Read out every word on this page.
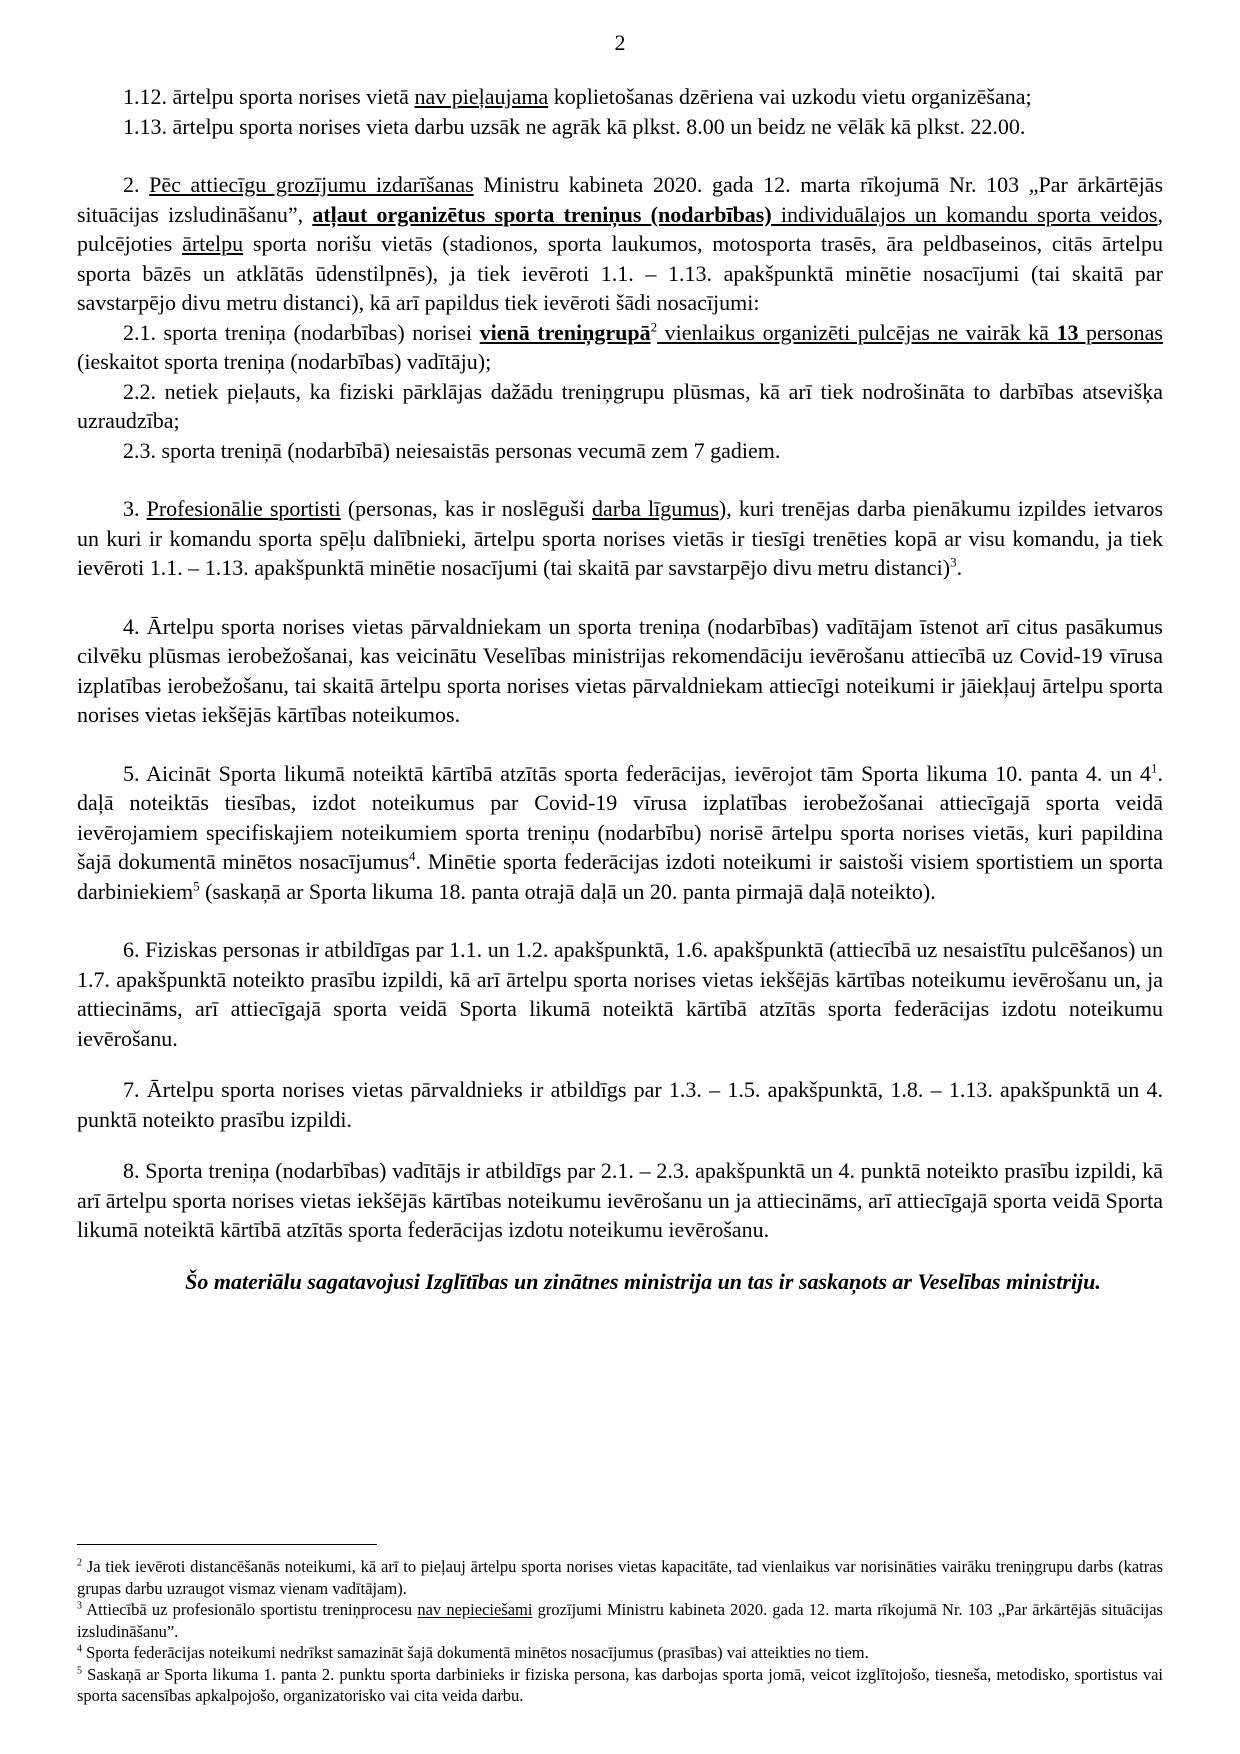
2

1.12. ārtelpu sporta norises vietā nav pieļaujama koplietošanas dzēriena vai uzkodu vietu organizēšana;

1.13. ārtelpu sporta norises vieta darbu uzsāk ne agrāk kā plkst. 8.00 un beidz ne vēlāk kā plkst. 22.00.

2. Pēc attiecīgu grozījumu izdarīšanas Ministru kabineta 2020. gada 12. marta rīkojumā Nr. 103 „Par ārkārtējās situācijas izsludināšanu”, atļaut organizētus sporta treniņus (nodarbības) individuālajos un komandu sporta veidos, pulcējoties ārtelpu sporta norišu vietās (stadionos, sporta laukumos, motosporta trasēs, āra peldbaseinos, citās ārtelpu sporta bāzēs un atklātās ūdenstilpnēs), ja tiek ievēroti 1.1. – 1.13. apakšpunktā minētie nosacījumi (tai skaitā par savstarpējo divu metru distanci), kā arī papildus tiek ievēroti šādi nosacījumi:

2.1. sporta treniņa (nodarbības) norisei vienā treniņgrupā$^2$ vienlaikus organizēti pulcējas ne vairāk kā 13 personas (ieskaitot sporta treniņa (nodarbības) vadītāju);

2.2. netiek pieļauts, ka fiziski pārklājas dažādu treniņgrupu plūsmas, kā arī tiek nodrošināta to darbības atsevišķa uzraudzība;

2.3. sporta treniņā (nodarbībā) neiesaistās personas vecumā zem 7 gadiem.

3. Profesionālie sportisti (personas, kas ir noslēguši darba līgumus), kuri trenējas darba pienākumu izpildes ietvaros un kuri ir komandu sporta spēļu dalībnieki, ārtelpu sporta norises vietās ir tiesīgi trenēties kopā ar visu komandu, ja tiek ievēroti 1.1. – 1.13. apakšpunktā minētie nosacījumi (tai skaitā par savstarpējo divu metru distanci)$^3$.

4. Ārtelpu sporta norises vietas pārvaldniekam un sporta treniņa (nodarbības) vadītājam īstenot arī citus pasākumus cilvēku plūsmas ierobežošanai, kas veicinātu Veselības ministrijas rekomendāciju ievērošanu attiecībā uz Covid-19 vīrusa izplatības ierobežošanu, tai skaitā ārtelpu sporta norises vietas pārvaldniekam attiecīgi noteikumi ir jāiekļauj ārtelpu sporta norises vietas iekšējās kārtības noteikumos.

5. Aicināt Sporta likumā noteiktā kārtībā atzītās sporta federācijas, ievērojot tām Sporta likuma 10. panta 4. un $4^1$. daļā noteiktās tiesības, izdot noteikumus par Covid-19 vīrusa izplatības ierobežošanai attiecīgajā sporta veidā ievērojamiem specifiskajiem noteikumiem sporta treniņu (nodarbību) norisē ārtelpu sporta norises vietās, kuri papildina šajā dokumentā minētos nosacījumus$^4$. Minētie sporta federācijas izdoti noteikumi ir saistoši visiem sportistiem un sporta darbiniekiem$^5$ (saskaņā ar Sporta likuma 18. panta otrajā daļā un 20. panta pirmajā daļā noteikto).

6. Fiziskas personas ir atbildīgas par 1.1. un 1.2. apakšpunktā, 1.6. apakšpunktā (attiecībā uz nesaistītu pulcēšanos) un 1.7. apakšpunktā noteikto prasību izpildi, kā arī ārtelpu sporta norises vietas iekšējās kārtības noteikumu ievērošanu un, ja attiecināms, arī attiecīgajā sporta veidā Sporta likumā noteiktā kārtībā atzītās sporta federācijas izdotu noteikumu ievērošanu.

7. Ārtelpu sporta norises vietas pārvaldnieks ir atbildīgs par 1.3. – 1.5. apakšpunktā, 1.8. – 1.13. apakšpunktā un 4. punktā noteikto prasību izpildi.

8. Sporta treniņa (nodarbības) vadītājs ir atbildīgs par 2.1. – 2.3. apakšpunktā un 4. punktā noteikto prasību izpildi, kā arī ārtelpu sporta norises vietas iekšējās kārtības noteikumu ievērošanu un ja attiecināms, arī attiecīgajā sporta veidā Sporta likumā noteiktā kārtībā atzītās sporta federācijas izdotu noteikumu ievērošanu.

Šo materiālu sagatavojusi Izglītības un zinātnes ministrija un tas ir saskaņots ar Veselības ministriju.

$^2$ Ja tiek ievēroti distancēšanās noteikumi, kā arī to pieļauj ārtelpu sporta norises vietas kapacitāte, tad vienlaikus var norisināties vairāku treniņgrupu darbs (katras grupas darbu uzraugot vismaz vienam vadītājam).

$^3$ Attiecībā uz profesionālo sportistu treniņprocesu nav nepieciešami grozījumi Ministru kabineta 2020. gada 12. marta rīkojumā Nr. 103 „Par ārkārtējās situācijas izsludināšanu”.

$^4$ Sporta federācijas noteikumi nedrīkst samazināt šajā dokumentā minētos nosacījumus (prasības) vai atteikties no tiem.

$^5$ Saskaņā ar Sporta likuma 1. panta 2. punktu sporta darbinieks ir fiziska persona, kas darbojas sporta jomā, veicot izglītojošo, tiesneša, metodisko, sportistus vai sporta sacensības apkalpojošo, organizatorisko vai cita veida darbu.
